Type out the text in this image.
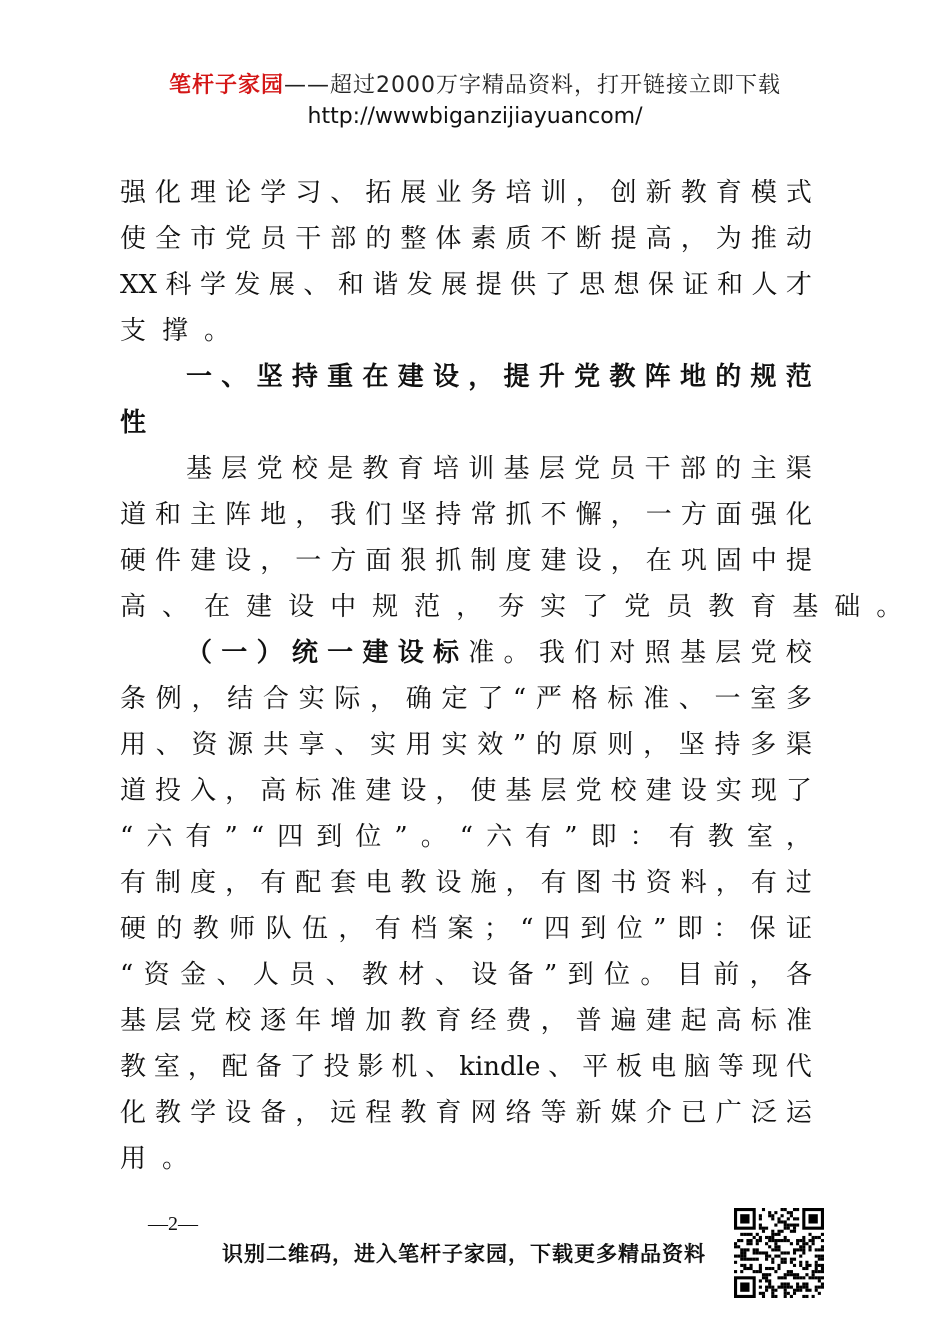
笔杆子家园——超过2000万字精品资料，打开链接立即下载
http://wwwbiganzijiayuancom/
强 化 理 论 学 习 、 拓 展 业 务 培 训 ， 创 新 教 育 模 式
使 全 市 党 员 干 部 的 整 体 素 质 不 断 提 高 ， 为 推 动
XX 科 学 发 展 、 和 谐 发 展 提 供 了 思 想 保 证 和 人 才
支 撑 。
一 、 坚 持 重 在 建 设 ， 提 升 党 教 阵 地 的 规 范
性
基 层 党 校 是 教 育 培 训 基 层 党 员 干 部 的 主 渠
道 和 主 阵 地 ， 我 们 坚 持 常 抓 不 懈 ， 一 方 面 强 化
硬 件 建 设 ， 一 方 面 狠 抓 制 度 建 设 ， 在 巩 固 中 提
高 、 在 建 设 中 规 范 ， 夯 实 了 党 员 教 育 基 础 。
（ 一 ） 统 一 建 设 标 准 。 我 们 对 照 基 层 党 校
条 例 ， 结 合 实 际 ， 确 定 了 “ 严 格 标 准 、 一 室 多
用 、 资 源 共 享 、 实 用 实 效 ” 的 原 则 ， 坚 持 多 渠
道 投 入 ， 高 标 准 建 设 ， 使 基 层 党 校 建 设 实 现 了
“ 六 有 ” “ 四 到 位 ” 。 “ 六 有 ” 即 ： 有 教 室 ，
有 制 度 ， 有 配 套 电 教 设 施 ， 有 图 书 资 料 ， 有 过
硬 的 教 师 队 伍 ， 有 档 案 ； “ 四 到 位 ” 即 ： 保 证
“ 资 金 、 人 员 、 教 材 、 设 备 ” 到 位 。 目 前 ， 各
基 层 党 校 逐 年 增 加 教 育 经 费 ， 普 遍 建 起 高 标 准
教 室 ， 配 备 了 投 影 机 、 kindle 、 平 板 电 脑 等 现 代
化 教 学 设 备 ， 远 程 教 育 网 络 等 新 媒 介 已 广 泛 运
用 。
—2—
识别二维码，进入笔杆子家园，下载更多精品资料
